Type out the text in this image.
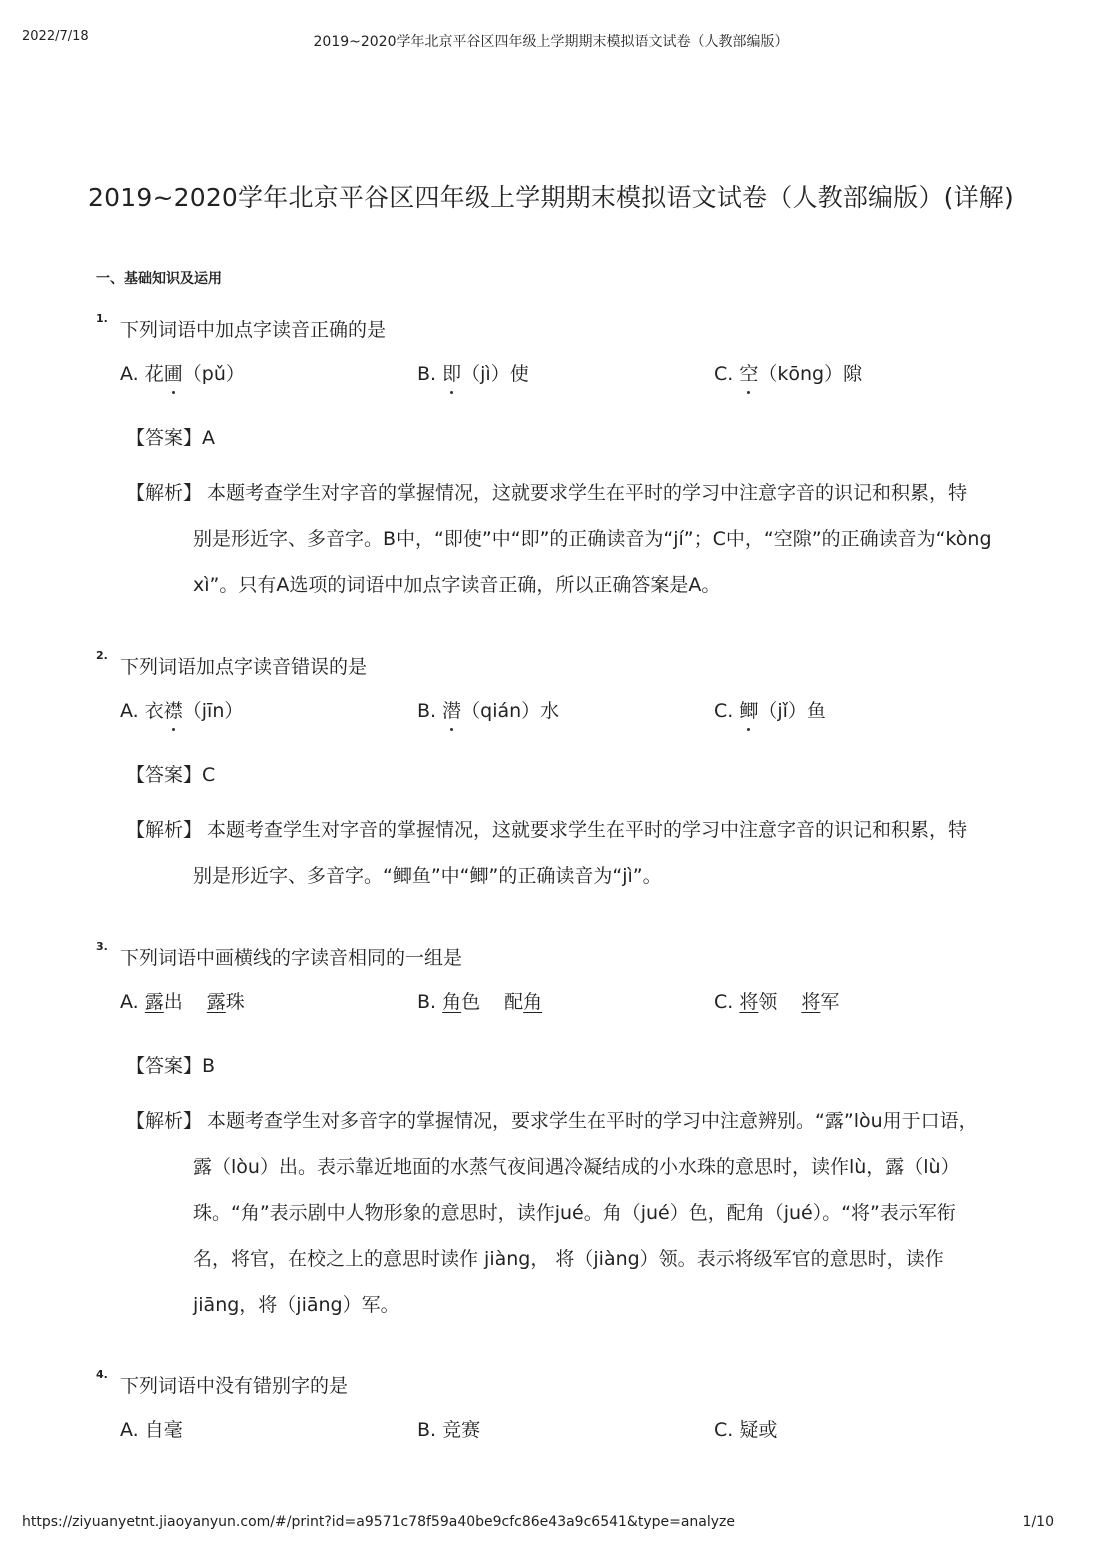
2022/7/18	2019~2020学年北京平谷区四年级上学期期末模拟语文试卷（人教部编版）
2019~2020学年北京平谷区四年级上学期期末模拟语文试卷（人教部编版）(详解)
一、基础知识及运用
1.
下列词语中加点字读音正确的是
A. 花圃（pǔ）	B. 即（jì）使	C. 空（kōng）隙
【答案】A
【解析】 本题考查学生对字音的掌握情况，这就要求学生在平时的学习中注意字音的识记和积累，特
别是形近字、多音字。B中，“即使”中“即”的正确读音为“jí”；C中，“空隙”的正确读音为“kòng
xì”。只有A选项的词语中加点字读音正确，所以正确答案是A。
2.
下列词语加点字读音错误的是
A. 衣襟（jīn）	B. 潜（qián）水	C. 鲫（jǐ）鱼
【答案】C
【解析】 本题考查学生对字音的掌握情况，这就要求学生在平时的学习中注意字音的识记和积累，特
别是形近字、多音字。“鲫鱼”中“鲫”的正确读音为“jì”。
3.
下列词语中画横线的字读音相同的一组是
A. 露出 露珠	B. 角色 配角	C. 将领 将军
【答案】B
【解析】 本题考查学生对多音字的掌握情况，要求学生在平时的学习中注意辨别。“露”lòu用于口语，
露（lòu）出。表示靠近地面的水蒸气夜间遇冷凝结成的小水珠的意思时，读作lù，露（lù）
珠。“角”表示剧中人物形象的意思时，读作jué。角（jué）色，配角（jué）。“将”表示军衔
名，将官，在校之上的意思时读作 jiàng， 将（jiàng）领。表示将级军官的意思时，读作
jiāng，将（jiāng）军。
4.
下列词语中没有错别字的是
A. 自毫	B. 竞赛	C. 疑或
https://ziyuanyetnt.jiaoyanyun.com/#/print?id=a9571c78f59a40be9cfc86e43a9c6541&type=analyze	1/10
